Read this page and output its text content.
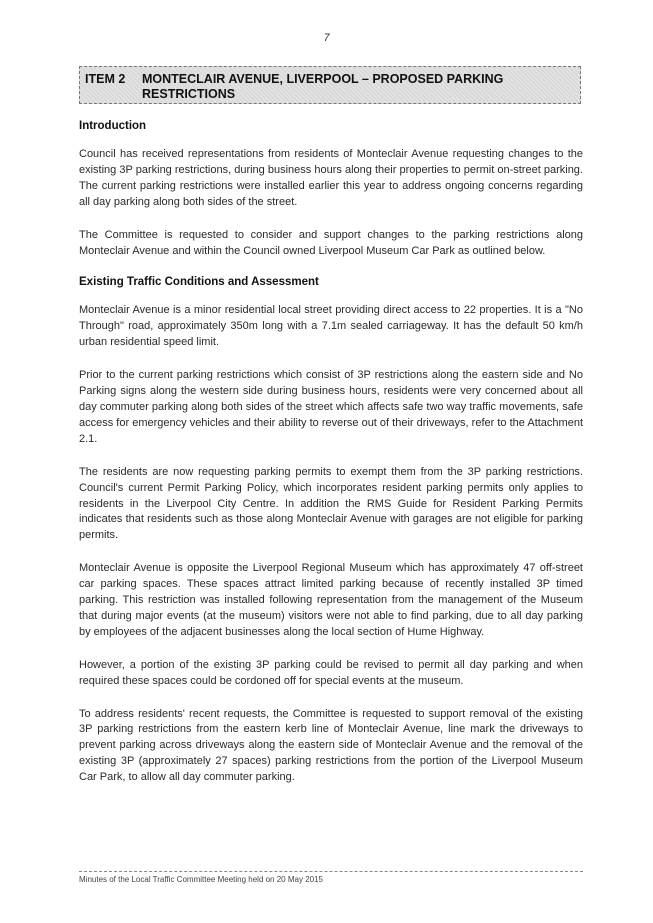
7
ITEM 2 MONTECLAIR AVENUE, LIVERPOOL – PROPOSED PARKING RESTRICTIONS
Introduction

Council has received representations from residents of Monteclair Avenue requesting changes to the existing 3P parking restrictions, during business hours along their properties to permit on-street parking. The current parking restrictions were installed earlier this year to address ongoing concerns regarding all day parking along both sides of the street.

The Committee is requested to consider and support changes to the parking restrictions along Monteclair Avenue and within the Council owned Liverpool Museum Car Park as outlined below.

Existing Traffic Conditions and Assessment

Monteclair Avenue is a minor residential local street providing direct access to 22 properties. It is a "No Through" road, approximately 350m long with a 7.1m sealed carriageway. It has the default 50 km/h urban residential speed limit.

Prior to the current parking restrictions which consist of 3P restrictions along the eastern side and No Parking signs along the western side during business hours, residents were very concerned about all day commuter parking along both sides of the street which affects safe two way traffic movements, safe access for emergency vehicles and their ability to reverse out of their driveways, refer to the Attachment 2.1.

The residents are now requesting parking permits to exempt them from the 3P parking restrictions. Council's current Permit Parking Policy, which incorporates resident parking permits only applies to residents in the Liverpool City Centre. In addition the RMS Guide for Resident Parking Permits indicates that residents such as those along Monteclair Avenue with garages are not eligible for parking permits.

Monteclair Avenue is opposite the Liverpool Regional Museum which has approximately 47 off-street car parking spaces. These spaces attract limited parking because of recently installed 3P timed parking. This restriction was installed following representation from the management of the Museum that during major events (at the museum) visitors were not able to find parking, due to all day parking by employees of the adjacent businesses along the local section of Hume Highway.

However, a portion of the existing 3P parking could be revised to permit all day parking and when required these spaces could be cordoned off for special events at the museum.

To address residents' recent requests, the Committee is requested to support removal of the existing 3P parking restrictions from the eastern kerb line of Monteclair Avenue, line mark the driveways to prevent parking across driveways along the eastern side of Monteclair Avenue and the removal of the existing 3P (approximately 27 spaces) parking restrictions from the portion of the Liverpool Museum Car Park, to allow all day commuter parking.

Minutes of the Local Traffic Committee Meeting held on 20 May 2015
